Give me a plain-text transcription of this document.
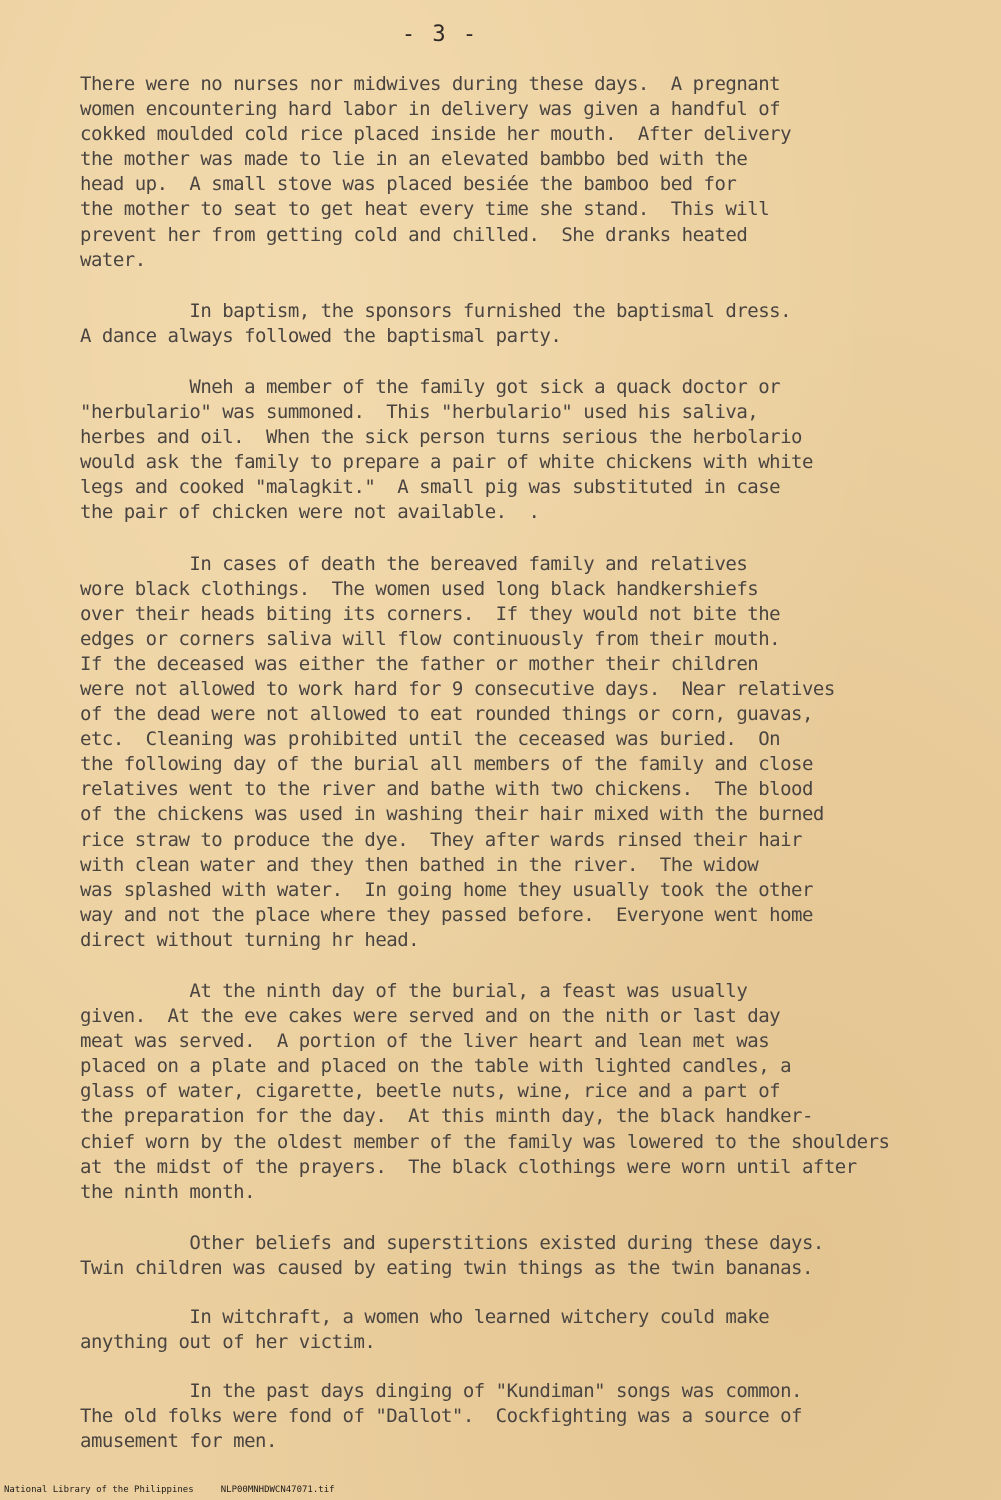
- 3 -

There were no nurses nor midwives during these days.  A pregnant
women encountering hard labor in delivery was given a handful of
cokked moulded cold rice placed inside her mouth.  After delivery
the mother was made to lie in an elevated bambbo bed with the
head up.  A small stove was placed besiée the bamboo bed for
the mother to seat to get heat every time she stand.  This will
prevent her from getting cold and chilled.  She dranks heated
water.

In baptism, the sponsors furnished the baptismal dress.
A dance always followed the baptismal party.

Wneh a member of the family got sick a quack doctor or
"herbulario" was summoned.  This "herbulario" used his saliva,
herbes and oil.  When the sick person turns serious the herbolario
would ask the family to prepare a pair of white chickens with white
legs and cooked "malagkit."  A small pig was substituted in case
the pair of chicken were not available.  .

In cases of death the bereaved family and relatives
wore black clothings.  The women used long black handkershiefs
over their heads biting its corners.  If they would not bite the
edges or corners saliva will flow continuously from their mouth.
If the deceased was either the father or mother their children
were not allowed to work hard for 9 consecutive days.  Near relatives
of the dead were not allowed to eat rounded things or corn, guavas,
etc.  Cleaning was prohibited until the ceceased was buried.  On
the following day of the burial all members of the family and close
relatives went to the river and bathe with two chickens.  The blood
of the chickens was used in washing their hair mixed with the burned
rice straw to produce the dye.  They after wards rinsed their hair
with clean water and they then bathed in the river.  The widow
was splashed with water.  In going home they usually took the other
way and not the place where they passed before.  Everyone went home
direct without turning hr head.

At the ninth day of the burial, a feast was usually
given.  At the eve cakes were served and on the nith or last day
meat was served.  A portion of the liver heart and lean met was
placed on a plate and placed on the table with lighted candles, a
glass of water, cigarette, beetle nuts, wine, rice and a part of
the preparation for the day.  At this minth day, the black handker-
chief worn by the oldest member of the family was lowered to the shoulders
at the midst of the prayers.  The black clothings were worn until after
the ninth month.

Other beliefs and superstitions existed during these days.
Twin children was caused by eating twin things as the twin bananas.

In witchraft, a women who learned witchery could make
anything out of her victim.

In the past days dinging of "Kundiman" songs was common.
The old folks were fond of "Dallot".  Cockfighting was a source of
amusement for men.

National Library of the Philippines     NLP00MNHDWCN47071.tif
